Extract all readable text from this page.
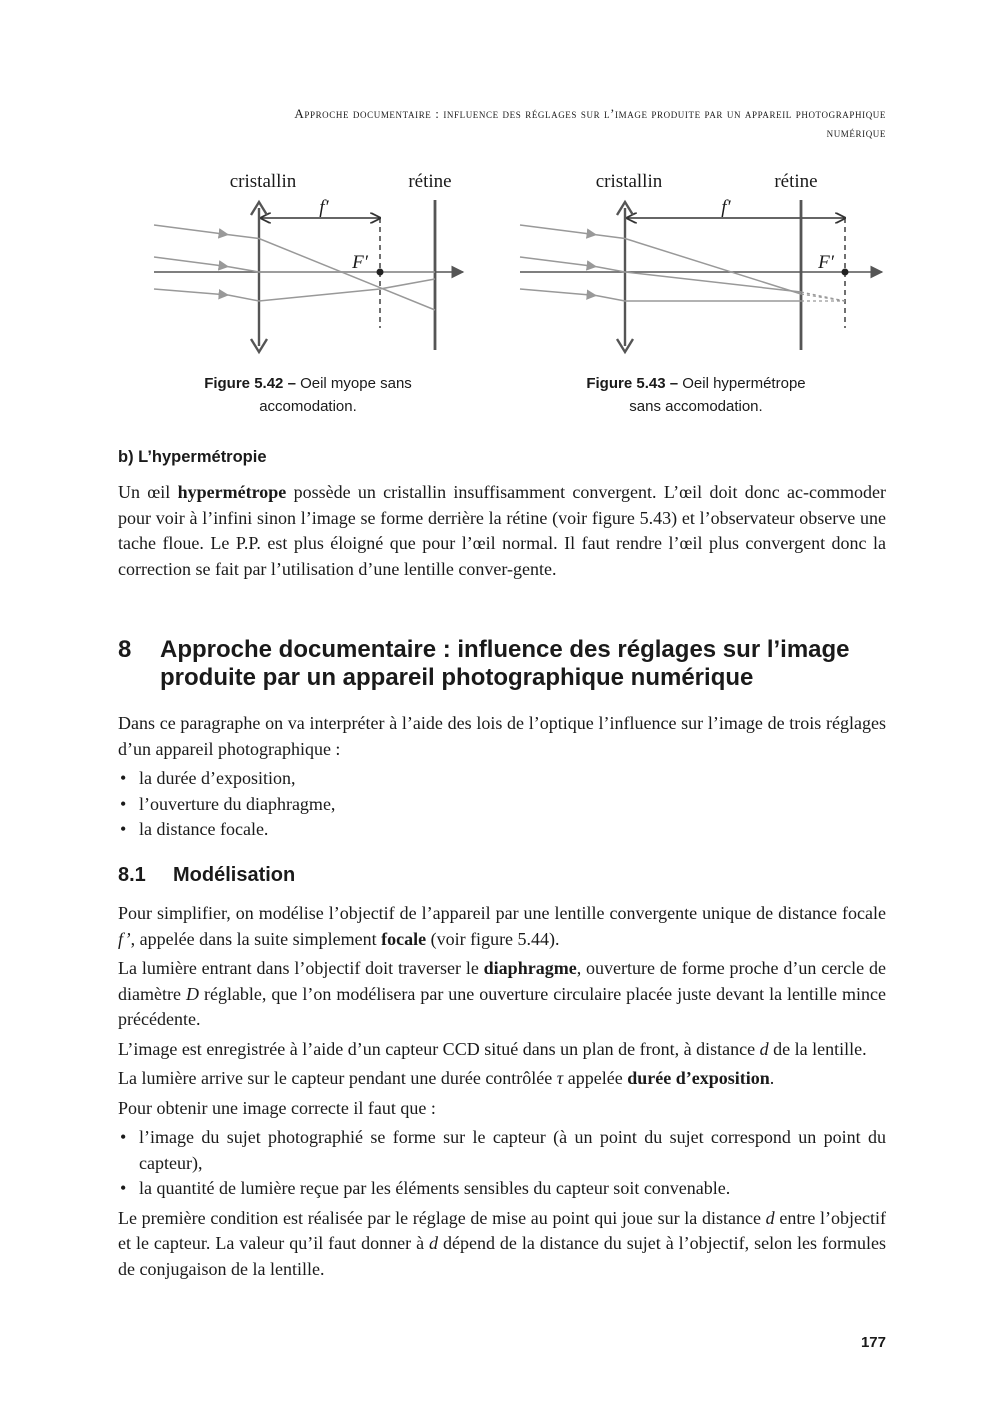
Approche documentaire : influence des réglages sur l’image produite par un appareil photographique
numérique
cristallin	rétine
f′
F′
Figure 5.42 – Oeil myope sans
accomodation.
cristallin	rétine
f′
F′
Figure 5.43 – Oeil hypermétrope
sans accomodation.
b) L’hypermétropie

Un œil hypermétrope possède un cristallin insuffisamment convergent. L’œil doit donc ac-commoder pour voir à l’infini sinon l’image se forme derrière la rétine (voir figure 5.43) et l’observateur observe une tache floue. Le P.P. est plus éloigné que pour l’œil normal. Il faut rendre l’œil plus convergent donc la correction se fait par l’utilisation d’une lentille conver-gente.

8	Approche documentaire : influence des réglages sur l’image
produite par un appareil photographique numérique

Dans ce paragraphe on va interpréter à l’aide des lois de l’optique l’influence sur l’image de trois réglages d’un appareil photographique :

• la durée d’exposition,
• l’ouverture du diaphragme,
• la distance focale.
8.1	Modélisation

Pour simplifier, on modélise l’objectif de l’appareil par une lentille convergente unique de distance focale f’, appelée dans la suite simplement focale (voir figure 5.44).

La lumière entrant dans l’objectif doit traverser le diaphragme, ouverture de forme proche d’un cercle de diamètre D réglable, que l’on modélisera par une ouverture circulaire placée juste devant la lentille mince précédente.

L’image est enregistrée à l’aide d’un capteur CCD situé dans un plan de front, à distance d de la lentille.

La lumière arrive sur le capteur pendant une durée contrôlée τ appelée durée d’exposition.

Pour obtenir une image correcte il faut que :

• l’image du sujet photographié se forme sur le capteur (à un point du sujet correspond un point du capteur),
• la quantité de lumière reçue par les éléments sensibles du capteur soit convenable.

Le première condition est réalisée par le réglage de mise au point qui joue sur la distance d entre l’objectif et le capteur. La valeur qu’il faut donner à d dépend de la distance du sujet à l’objectif, selon les formules de conjugaison de la lentille.

177
